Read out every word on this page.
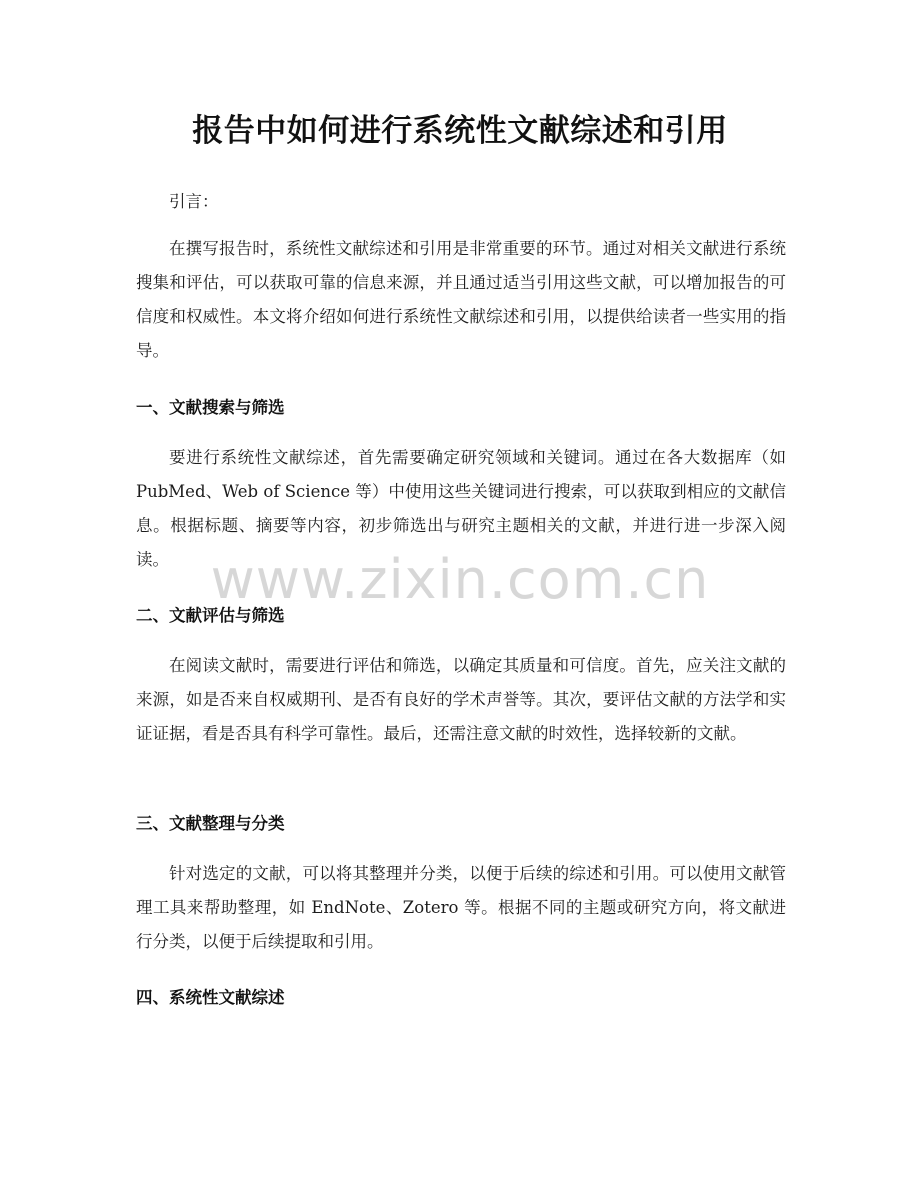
报告中如何进行系统性文献综述和引用

引言：

在撰写报告时，系统性文献综述和引用是非常重要的环节。通过对相关文献进行系统搜集和评估，可以获取可靠的信息来源，并且通过适当引用这些文献，可以增加报告的可信度和权威性。本文将介绍如何进行系统性文献综述和引用，以提供给读者一些实用的指导。

一、文献搜索与筛选

要进行系统性文献综述，首先需要确定研究领域和关键词。通过在各大数据库（如 PubMed、Web of Science 等）中使用这些关键词进行搜索，可以获取到相应的文献信息。根据标题、摘要等内容，初步筛选出与研究主题相关的文献，并进行进一步深入阅读。

二、文献评估与筛选

在阅读文献时，需要进行评估和筛选，以确定其质量和可信度。首先，应关注文献的来源，如是否来自权威期刊、是否有良好的学术声誉等。其次，要评估文献的方法学和实证证据，看是否具有科学可靠性。最后，还需注意文献的时效性，选择较新的文献。

三、文献整理与分类

针对选定的文献，可以将其整理并分类，以便于后续的综述和引用。可以使用文献管理工具来帮助整理，如 EndNote、Zotero 等。根据不同的主题或研究方向，将文献进行分类，以便于后续提取和引用。

四、系统性文献综述
www.zixin.com.cn
